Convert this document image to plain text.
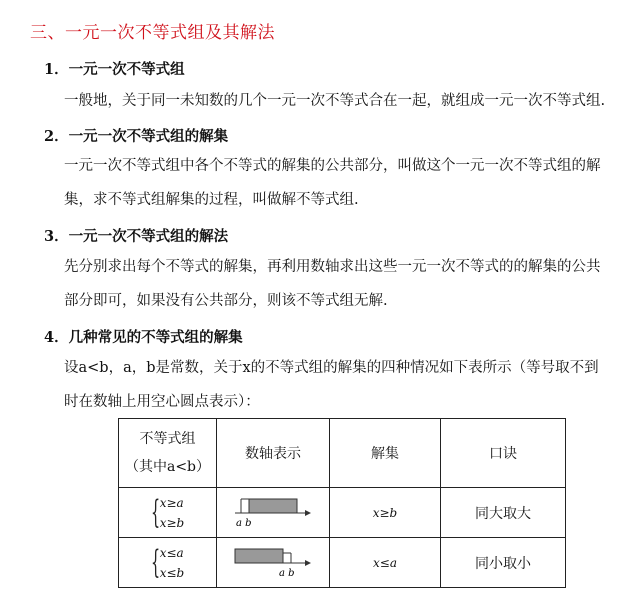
三、一元一次不等式组及其解法
1．一元一次不等式组
一般地，关于同一未知数的几个一元一次不等式合在一起，就组成一元一次不等式组.
2．一元一次不等式组的解集
一元一次不等式组中各个不等式的解集的公共部分，叫做这个一元一次不等式组的解
集，求不等式组解集的过程，叫做解不等式组.
3．一元一次不等式组的解法
先分别求出每个不等式的解集，再利用数轴求出这些一元一次不等式的的解集的公共
部分即可，如果没有公共部分，则该不等式组无解.
4．几种常见的不等式组的解集
设a<b，a，b是常数，关于x的不等式组的解集的四种情况如下表所示（等号取不到
时在数轴上用空心圆点表示）：
不等式组
（其中a<b）	数轴表示	解集	口诀

{ x≥a
x≥b	a b	x≥b	同大取大

{ x≤a
x≤b	a b	x≤a	同小取小
